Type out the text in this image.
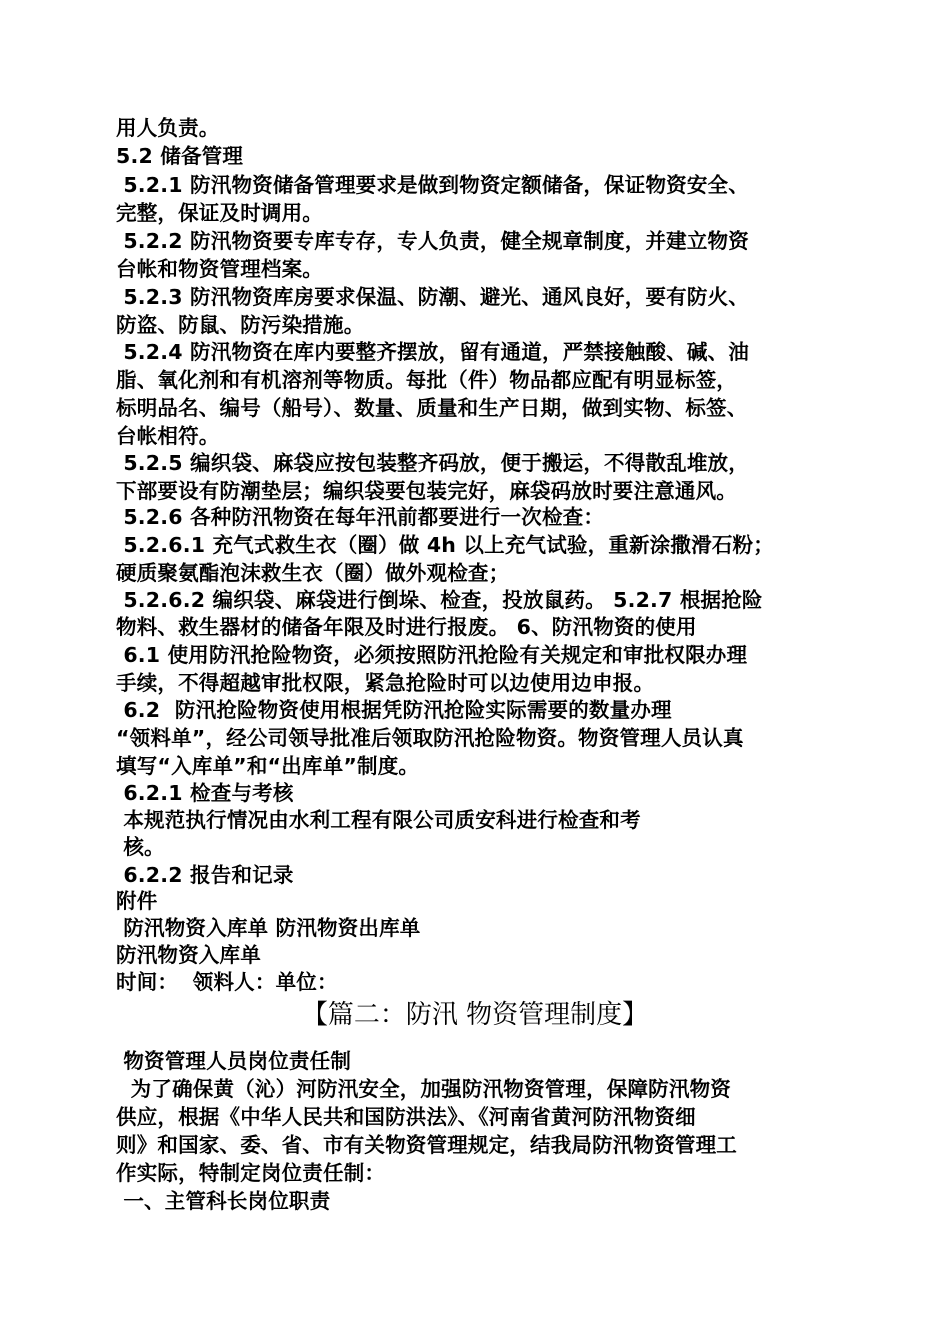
用人负责。
5.2 储备管理
5.2.1 防汛物资储备管理要求是做到物资定额储备，保证物资安全、
完整，保证及时调用。
5.2.2 防汛物资要专库专存，专人负责，健全规章制度，并建立物资
台帐和物资管理档案。
5.2.3 防汛物资库房要求保温、防潮、避光、通风良好，要有防火、
防盗、防鼠、防污染措施。
5.2.4 防汛物资在库内要整齐摆放，留有通道，严禁接触酸、碱、油
脂、氧化剂和有机溶剂等物质。每批（件）物品都应配有明显标签，
标明品名、编号（船号）、数量、质量和生产日期，做到实物、标签、
台帐相符。
5.2.5 编织袋、麻袋应按包装整齐码放，便于搬运，不得散乱堆放，
下部要设有防潮垫层；编织袋要包装完好，麻袋码放时要注意通风。
5.2.6 各种防汛物资在每年汛前都要进行一次检查：
5.2.6.1 充气式救生衣（圈）做 4h 以上充气试验，重新涂撒滑石粉；
硬质聚氨酯泡沫救生衣（圈）做外观检查；
5.2.6.2 编织袋、麻袋进行倒垛、检查，投放鼠药。 5.2.7 根据抢险
物料、救生器材的储备年限及时进行报废。 6、防汛物资的使用
6.1 使用防汛抢险物资，必须按照防汛抢险有关规定和审批权限办理
手续，不得超越审批权限，紧急抢险时可以边使用边申报。
6.2  防汛抢险物资使用根据凭防汛抢险实际需要的数量办理
“领料单”，经公司领导批准后领取防汛抢险物资。物资管理人员认真
填写“入库单”和“出库单”制度。
6.2.1 检查与考核
本规范执行情况由水利工程有限公司质安科进行检查和考
核。
6.2.2 报告和记录
附件
防汛物资入库单 防汛物资出库单
防汛物资入库单
时间：  领料人：单位：
【篇二：防汛 物资管理制度】
物资管理人员岗位责任制
为了确保黄（沁）河防汛安全，加强防汛物资管理，保障防汛物资
供应，根据《中华人民共和国防洪法》、《河南省黄河防汛物资细
则》和国家、委、省、市有关物资管理规定，结我局防汛物资管理工
作实际，特制定岗位责任制：
一、主管科长岗位职责
